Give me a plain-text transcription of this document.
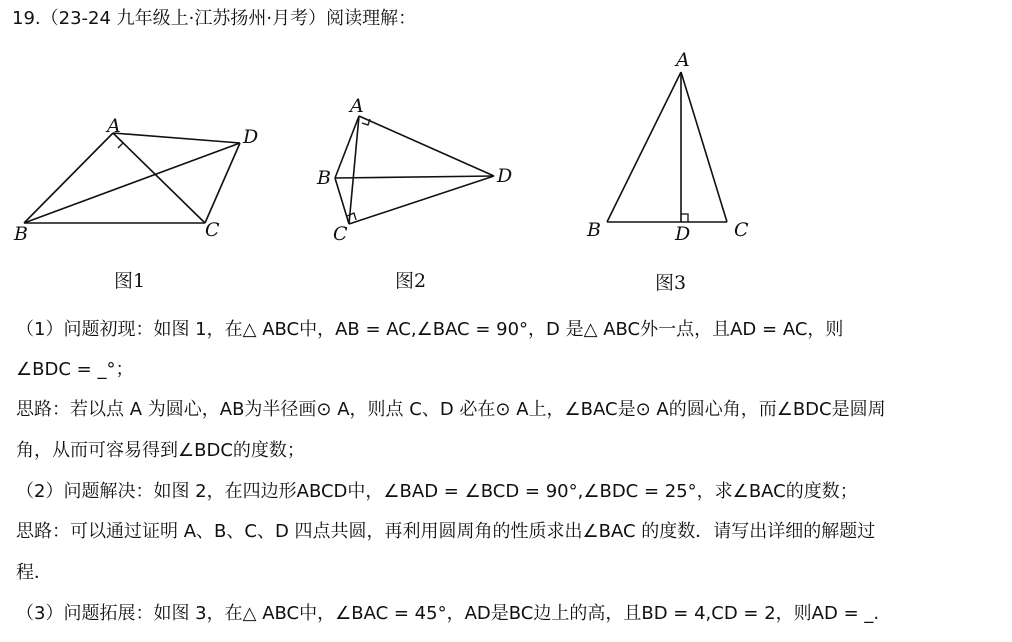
19.（23-24 九年级上·江苏扬州·月考）阅读理解：
A	D
B	C
A
B
C
D
A
B	D C
图1	图2	图3
（1）问题初现：如图 1，在△ ABC中，AB = AC,∠BAC = 90°，D 是△ ABC外一点，且AD = AC，则
∠BDC = _°；
思路：若以点 A 为圆心，AB为半径画⊙ A，则点 C、D 必在⊙ A上，∠BAC是⊙ A的圆心角，而∠BDC是圆周
角，从而可容易得到∠BDC的度数；
（2）问题解决：如图 2，在四边形ABCD中，∠BAD = ∠BCD = 90°,∠BDC = 25°，求∠BAC的度数；
思路：可以通过证明 A、B、C、D 四点共圆，再利用圆周角的性质求出∠BAC 的度数．请写出详细的解题过
程．
（3）问题拓展：如图 3，在△ ABC中，∠BAC = 45°，AD是BC边上的高，且BD = 4,CD = 2，则AD = _.
